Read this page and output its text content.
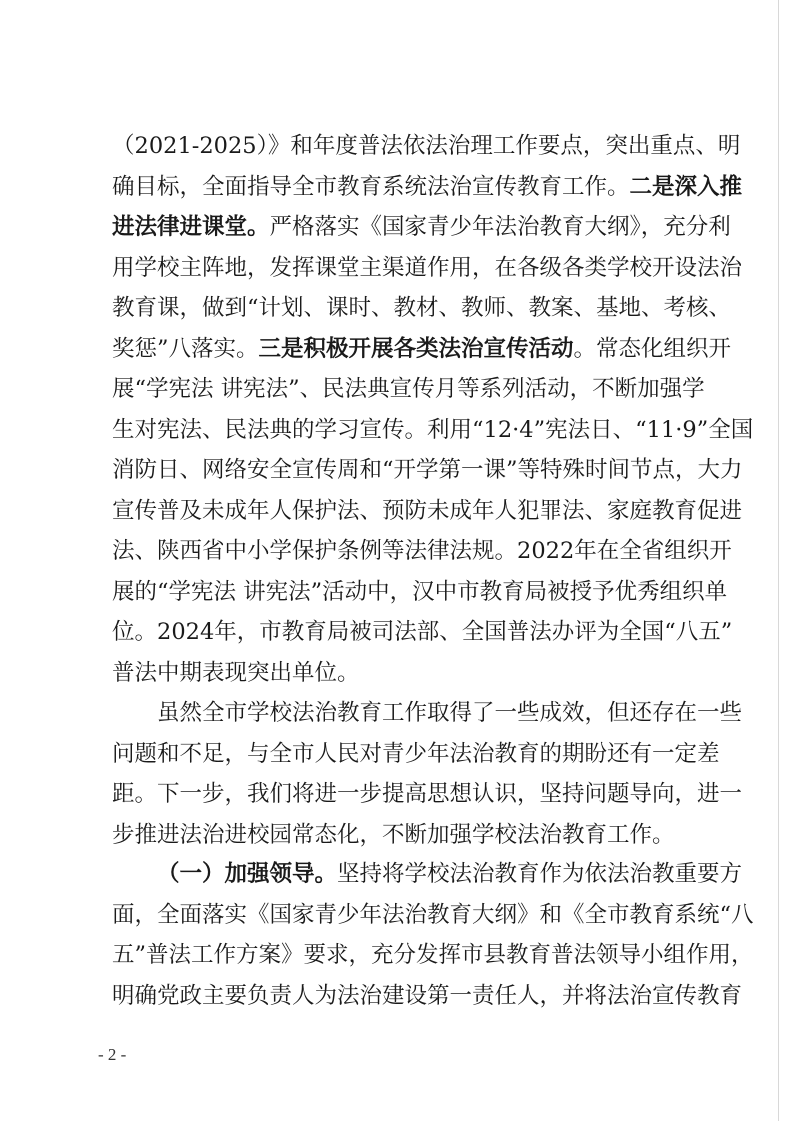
（2021-2025）》和年度普法依法治理工作要点，突出重点、明
确目标，全面指导全市教育系统法治宣传教育工作。二是深入推
进法律进课堂。严格落实《国家青少年法治教育大纲》，充分利
用学校主阵地，发挥课堂主渠道作用，在各级各类学校开设法治
教育课，做到“计划、课时、教材、教师、教案、基地、考核、
奖惩”八落实。三是积极开展各类法治宣传活动。常态化组织开
展“学宪法 讲宪法”、民法典宣传月等系列活动，不断加强学
生对宪法、民法典的学习宣传。利用“12·4”宪法日、“11·9”全国
消防日、网络安全宣传周和“开学第一课”等特殊时间节点，大力
宣传普及未成年人保护法、预防未成年人犯罪法、家庭教育促进
法、陕西省中小学保护条例等法律法规。2022年在全省组织开
展的“学宪法 讲宪法”活动中，汉中市教育局被授予优秀组织单
位。2024年，市教育局被司法部、全国普法办评为全国“八五”
普法中期表现突出单位。
虽然全市学校法治教育工作取得了一些成效，但还存在一些
问题和不足，与全市人民对青少年法治教育的期盼还有一定差
距。下一步，我们将进一步提高思想认识，坚持问题导向，进一
步推进法治进校园常态化，不断加强学校法治教育工作。
（一）加强领导。坚持将学校法治教育作为依法治教重要方
面，全面落实《国家青少年法治教育大纲》和《全市教育系统“八
五”普法工作方案》要求，充分发挥市县教育普法领导小组作用，
明确党政主要负责人为法治建设第一责任人，并将法治宣传教育
- 2 -
